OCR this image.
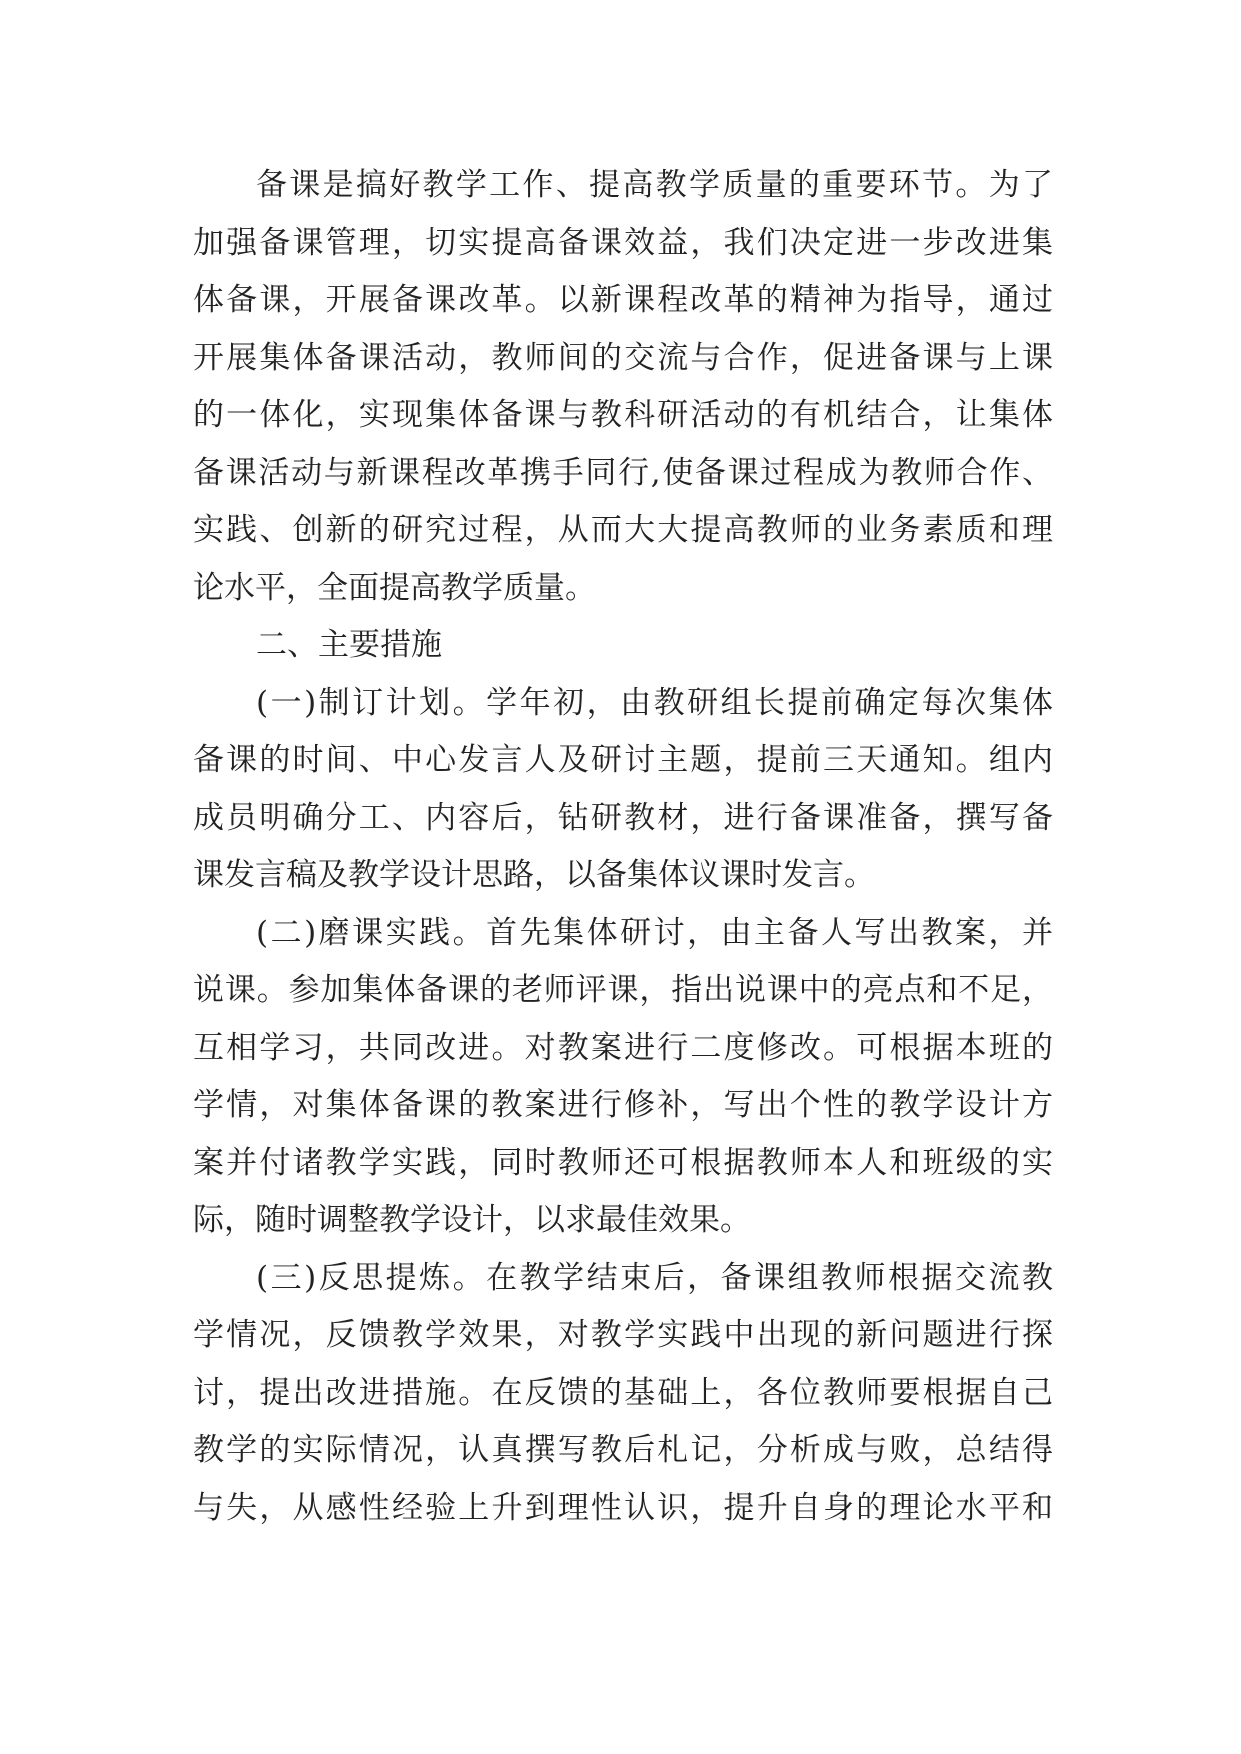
备课是搞好教学工作、提高教学质量的重要环节。为了
加强备课管理，切实提高备课效益，我们决定进一步改进集
体备课，开展备课改革。以新课程改革的精神为指导，通过
开展集体备课活动，教师间的交流与合作，促进备课与上课
的一体化，实现集体备课与教科研活动的有机结合，让集体
备课活动与新课程改革携手同行,使备课过程成为教师合作、
实践、创新的研究过程，从而大大提高教师的业务素质和理
论水平，全面提高教学质量。
二、主要措施
(一)制订计划。学年初，由教研组长提前确定每次集体
备课的时间、中心发言人及研讨主题，提前三天通知。组内
成员明确分工、内容后，钻研教材，进行备课准备，撰写备
课发言稿及教学设计思路，以备集体议课时发言。
(二)磨课实践。首先集体研讨，由主备人写出教案，并
说课。参加集体备课的老师评课，指出说课中的亮点和不足，
互相学习，共同改进。对教案进行二度修改。可根据本班的
学情，对集体备课的教案进行修补，写出个性的教学设计方
案并付诸教学实践，同时教师还可根据教师本人和班级的实
际，随时调整教学设计，以求最佳效果。
(三)反思提炼。在教学结束后，备课组教师根据交流教
学情况，反馈教学效果，对教学实践中出现的新问题进行探
讨，提出改进措施。在反馈的基础上，各位教师要根据自己
教学的实际情况，认真撰写教后札记，分析成与败，总结得
与失，从感性经验上升到理性认识，提升自身的理论水平和
